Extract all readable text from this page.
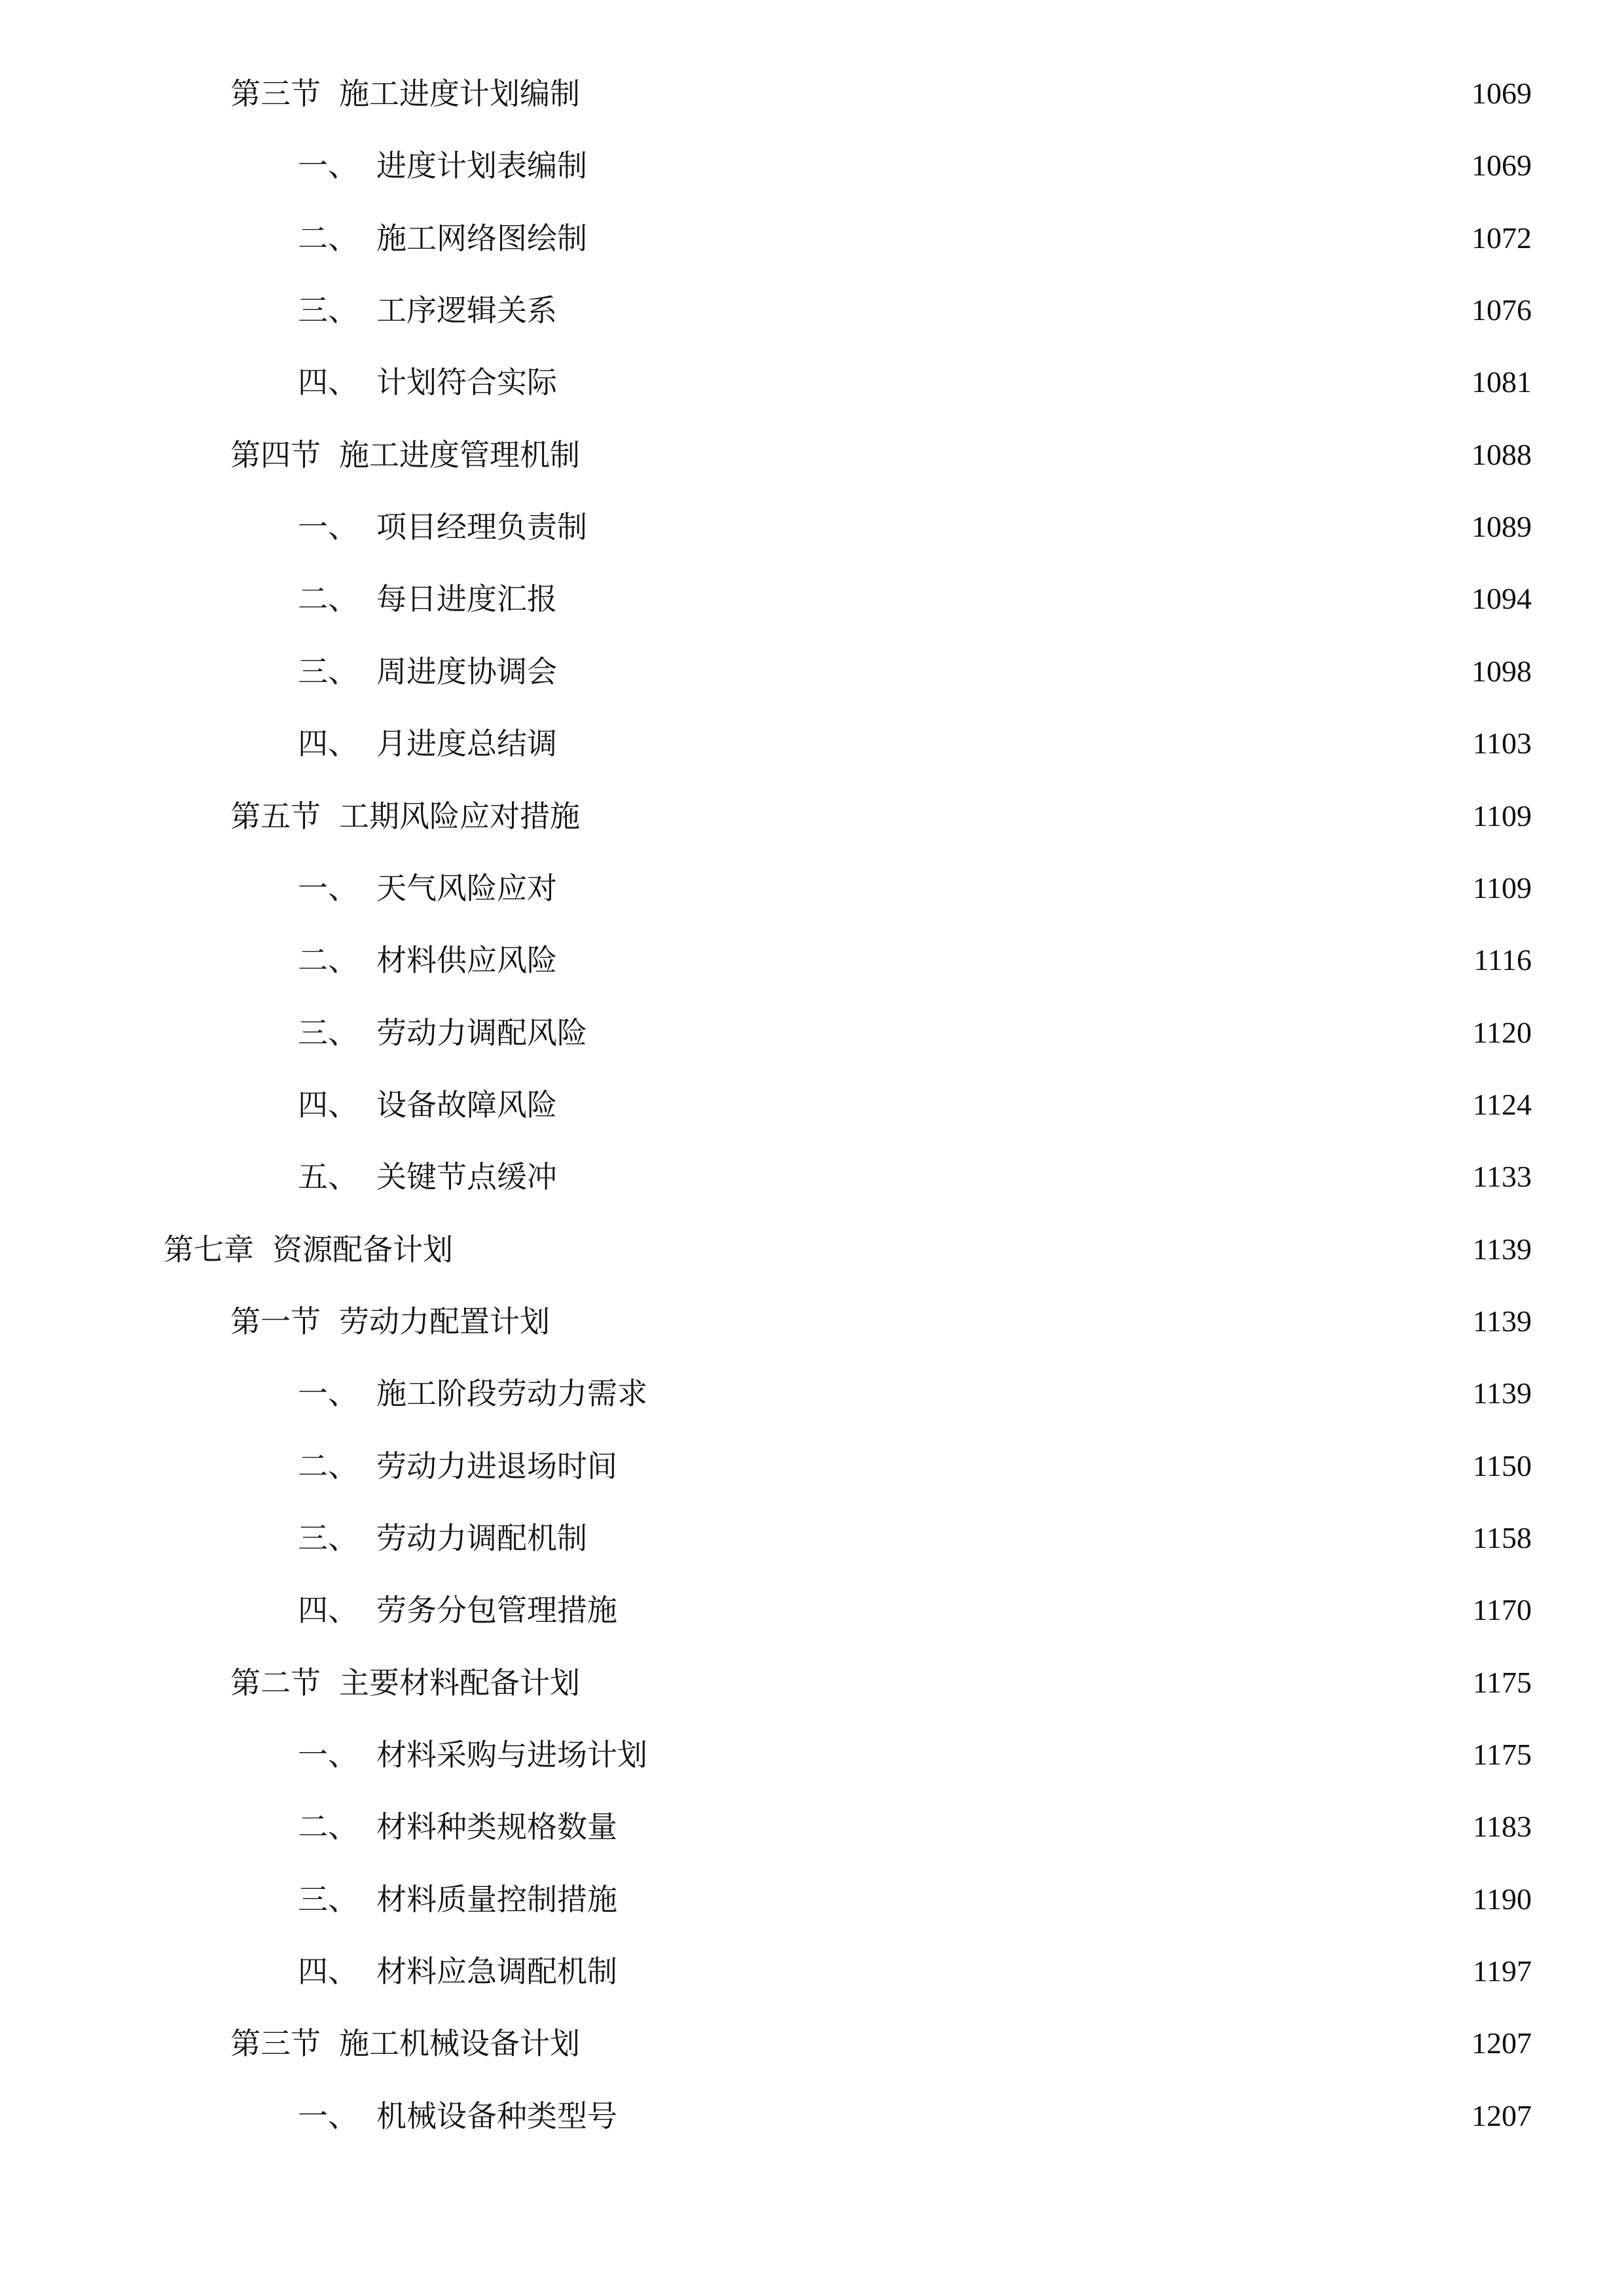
第三节 施工进度计划编制	1069
一、 进度计划表编制	1069
二、 施工网络图绘制	1072
三、 工序逻辑关系	1076
四、 计划符合实际	1081
第四节 施工进度管理机制	1088
一、 项目经理负责制	1089
二、 每日进度汇报	1094
三、 周进度协调会	1098
四、 月进度总结调	1103
第五节 工期风险应对措施	1109
一、 天气风险应对	1109
二、 材料供应风险	1116
三、 劳动力调配风险	1120
四、 设备故障风险	1124
五、 关键节点缓冲	1133
第七章 资源配备计划	1139
第一节 劳动力配置计划	1139
一、 施工阶段劳动力需求	1139
二、 劳动力进退场时间	1150
三、 劳动力调配机制	1158
四、 劳务分包管理措施	1170
第二节 主要材料配备计划	1175
一、 材料采购与进场计划	1175
二、 材料种类规格数量	1183
三、 材料质量控制措施	1190
四、 材料应急调配机制	1197
第三节 施工机械设备计划	1207
一、 机械设备种类型号	1207
